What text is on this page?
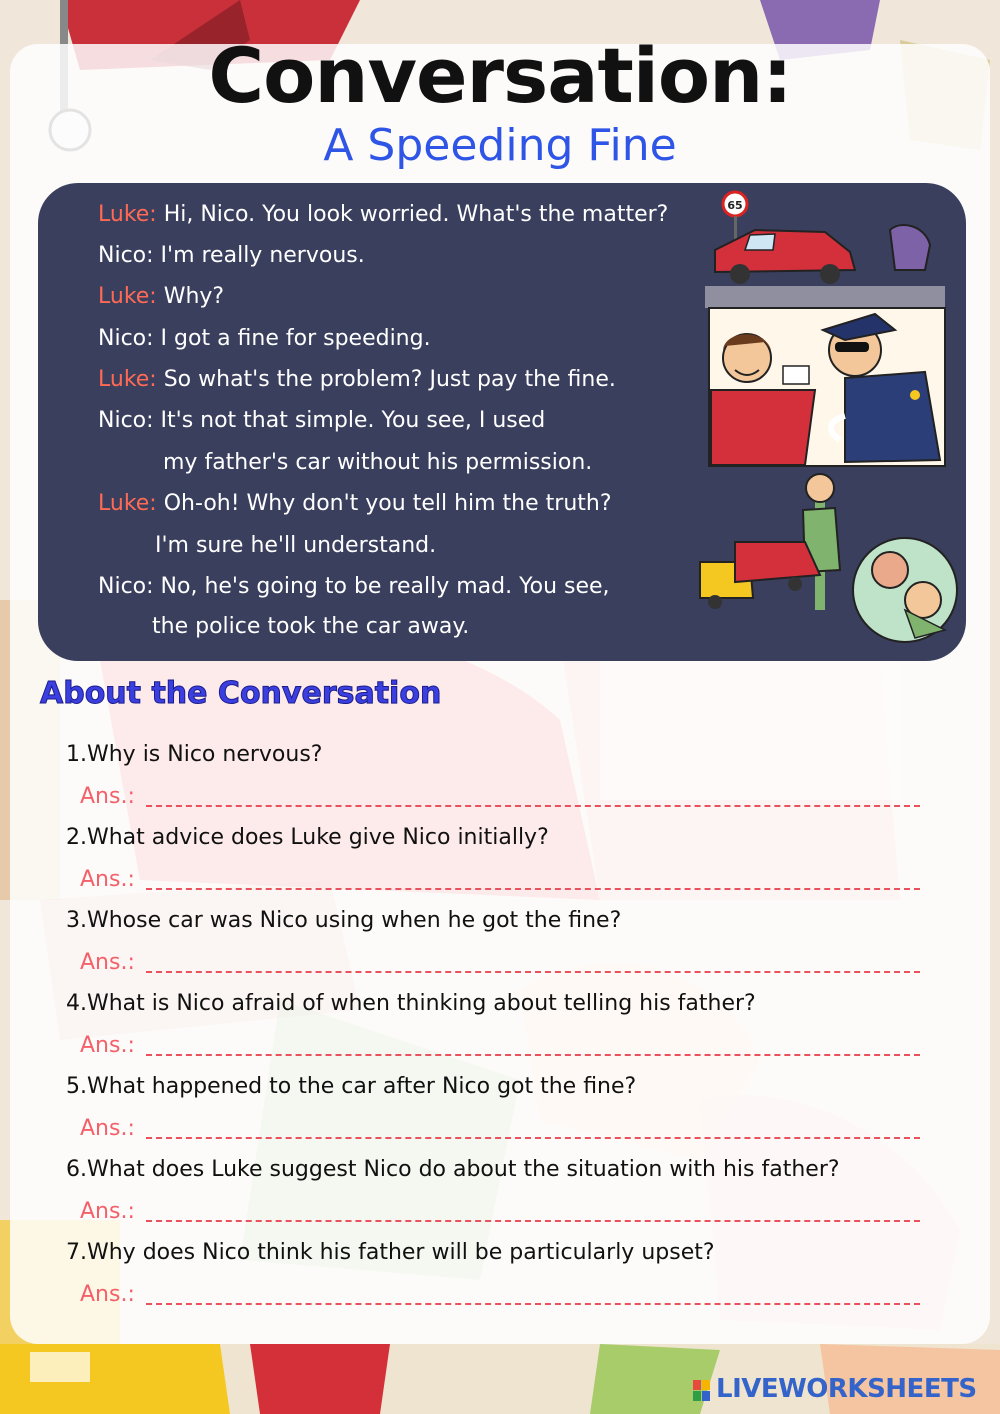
Conversation:
A Speeding Fine
Luke: Hi, Nico. You look worried. What's the matter?
Nico: I'm really nervous.
Luke: Why?
Nico: I got a fine for speeding.
Luke: So what's the problem? Just pay the fine.
Nico: It's not that simple. You see, I used
my father's car without his permission.
Luke: Oh-oh! Why don't you tell him the truth?
I'm sure he'll understand.
Nico: No, he's going to be really mad. You see,
the police took the car away.
65
About the Conversation
1.Why is Nico nervous?
Ans.:
2.What advice does Luke give Nico initially?
Ans.:
3.Whose car was Nico using when he got the fine?
Ans.:
4.What is Nico afraid of when thinking about telling his father?
Ans.:
5.What happened to the car after Nico got the fine?
Ans.:
6.What does Luke suggest Nico do about the situation with his father?
Ans.:
7.Why does Nico think his father will be particularly upset?
Ans.:
LIVEWORKSHEETS
